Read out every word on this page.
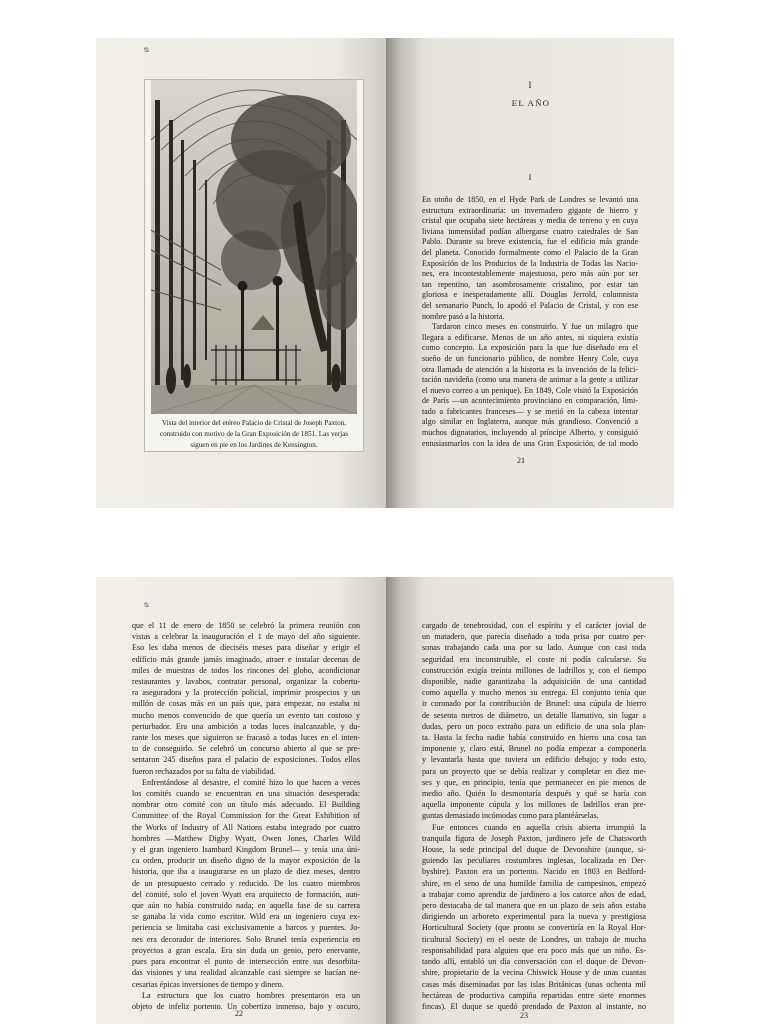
ᴓ
Vista del interior del etéreo Palacio de Cristal de Joseph Paxton,
construido con motivo de la Gran Exposición de 1851. Las verjas
siguen en pie en los Jardines de Kensington.
I
EL AÑO
I
En otoño de 1850, en el Hyde Park de Londres se levantó una
estructura extraordinaria: un invernadero gigante de hierro y
cristal que ocupaba siete hectáreas y media de terreno y en cuya
liviana inmensidad podían albergarse cuatro catedrales de San
Pablo. Durante su breve existencia, fue el edificio más grande
del planeta. Conocido formalmente como el Palacio de la Gran
Exposición de los Productos de la Industria de Todas las Nacio-
nes, era incontestablemente majestuoso, pero más aún por ser
tan repentino, tan asombrosamente cristalino, por estar tan
gloriosa e inesperadamente allí. Douglas Jerrold, columnista
del semanario Punch, lo apodó el Palacio de Cristal, y con ese
nombre pasó a la historia.
Tardaron cinco meses en construirlo. Y fue un milagro que
llegara a edificarse. Menos de un año antes, ni siquiera existía
como concepto. La exposición para la que fue diseñado era el
sueño de un funcionario público, de nombre Henry Cole, cuya
otra llamada de atención a la historia es la invención de la felici-
tación navideña (como una manera de animar a la gente a utilizar
el nuevo correo a un penique). En 1849, Cole visitó la Exposición
de París —un acontecimiento provinciano en comparación, limi-
tado a fabricantes franceses— y se metió en la cabeza intentar
algo similar en Inglaterra, aunque más grandioso. Convenció a
muchos dignatarios, incluyendo al príncipe Alberto, y consiguió
entusiasmarlos con la idea de una Gran Exposición, de tal modo
21
ᴓ
que el 11 de enero de 1850 se celebró la primera reunión con
vistas a celebrar la inauguración el 1 de mayo del año siguiente.
Eso les daba menos de dieciséis meses para diseñar y erigir el
edificio más grande jamás imaginado, atraer e instalar decenas de
miles de muestras de todos los rincones del globo, acondicionar
restaurantes y lavabos, contratar personal, organizar la cobertu-
ra aseguradora y la protección policial, imprimir prospectos y un
millón de cosas más en un país que, para empezar, no estaba ni
mucho menos convencido de que quería un evento tan costoso y
perturbador. Era una ambición a todas luces inalcanzable, y du-
rante los meses que siguieron se fracasó a todas luces en el inten-
to de conseguirlo. Se celebró un concurso abierto al que se pre-
sentaron 245 diseños para el palacio de exposiciones. Todos ellos
fueron rechazados por su falta de viabilidad.
Enfrentándose al desastre, el comité hizo lo que hacen a veces
los comités cuando se encuentran en una situación desesperada:
nombrar otro comité con un título más adecuado. El Building
Committee of the Royal Commission for the Great Exhibition of
the Works of Industry of All Nations estaba integrado por cuatro
hombres —Matthew Digby Wyatt, Owen Jones, Charles Wild
y el gran ingeniero Isambard Kingdom Brunel— y tenía una úni-
ca orden, producir un diseño digno de la mayor exposición de la
historia, que iba a inaugurarse en un plazo de diez meses, dentro
de un presupuesto cerrado y reducido. De los cuatro miembros
del comité, solo el joven Wyatt era arquitecto de formación, aun-
que aún no había construido nada; en aquella fase de su carrera
se ganaba la vida como escritor. Wild era un ingeniero cuya ex-
periencia se limitaba casi exclusivamente a barcos y puentes. Jo-
nes era decorador de interiores. Solo Brunel tenía experiencia en
proyectos a gran escala. Era sin duda un genio, pero enervante,
pues para encontrar el punto de intersección entre sus desorbita-
das visiones y una realidad alcanzable casi siempre se hacían ne-
cesarias épicas inversiones de tiempo y dinero.
La estructura que los cuatro hombres presentaron era un
objeto de infeliz portento. Un cobertizo inmenso, bajo y oscuro,
22
cargado de tenebrosidad, con el espíritu y el carácter jovial de
un matadero, que parecía diseñado a toda prisa por cuatro per-
sonas trabajando cada una por su lado. Aunque con casi toda
seguridad era inconstruible, el coste ni podía calcularse. Su
construcción exigía treinta millones de ladrillos y, con el tiempo
disponible, nadie garantizaba la adquisición de una cantidad
como aquella y mucho menos su entrega. El conjunto tenía que
ir coronado por la contribución de Brunel: una cúpula de hierro
de sesenta metros de diámetro, un detalle llamativo, sin lugar a
dudas, pero un poco extraño para un edificio de una sola plan-
ta. Hasta la fecha nadie había construido en hierro una cosa tan
imponente y, claro está, Brunel no podía empezar a componerla
y levantarla hasta que tuviera un edificio debajo; y todo esto,
para un proyecto que se debía realizar y completar en diez me-
ses y que, en principio, tenía que permanecer en pie menos de
medio año. Quién lo desmontaría después y qué se haría con
aquella imponente cúpula y los millones de ladrillos eran pre-
guntas demasiado incómodas como para plantéárselas.
Fue entonces cuando en aquella crisis abierta irrumpió la
tranquila figura de Joseph Paxton, jardinero jefe de Chatsworth
House, la sede principal del duque de Devonshire (aunque, si-
guiendo las peculiares costumbres inglesas, localizada en Der-
byshire). Paxton era un portento. Nacido en 1803 en Bedford-
shire, en el seno de una humilde familia de campesinos, empezó
a trabajar como aprendiz de jardinero a los catorce años de edad,
pero destacaba de tal manera que en un plazo de seis años estaba
dirigiendo un arboreto experimental para la nueva y prestigiosa
Horticultural Society (que pronto se convertiría en la Royal Hor-
ticultural Society) en el oeste de Londres, un trabajo de mucha
responsabilidad para alguien que era poco más que un niño. Es-
tando allí, entabló un día conversación con el duque de Devon-
shire, propietario de la vecina Chiswick House y de unas cuantas
casas más diseminadas por las islas Británicas (unas ochenta mil
hectáreas de productiva campiña repartidas entre siete enormes
fincas). El duque se quedó prendado de Paxton al instante, no
23
